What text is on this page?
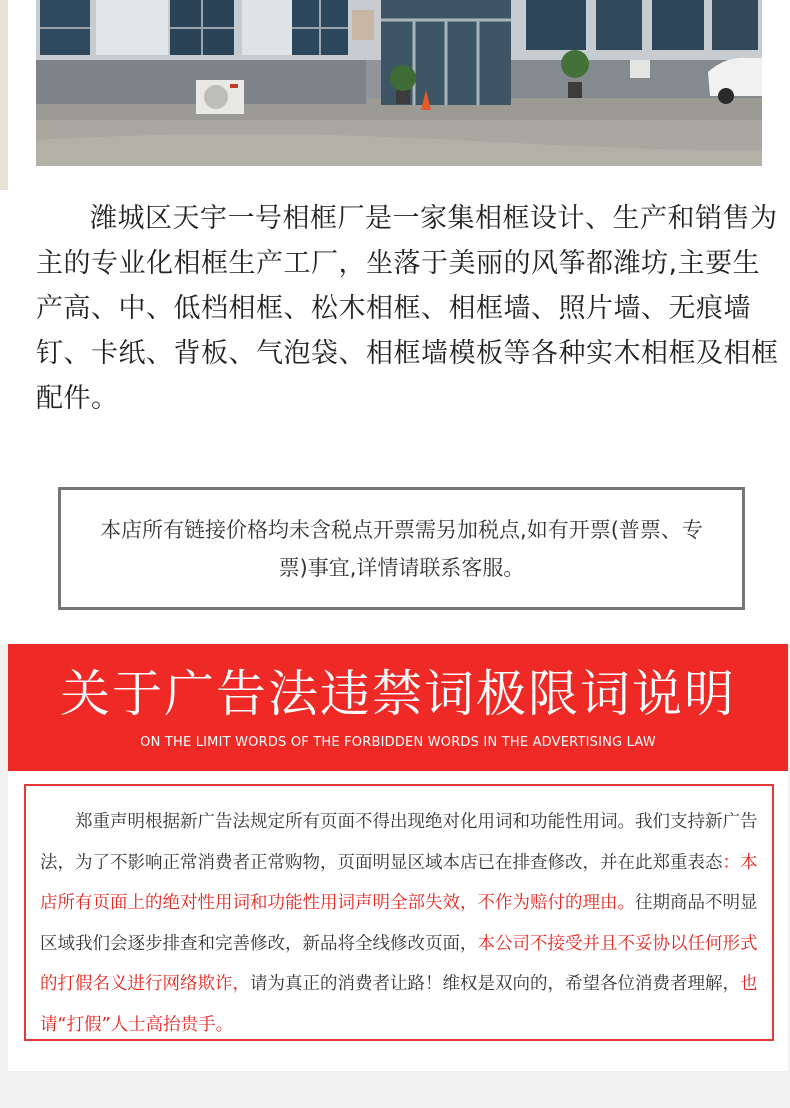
潍城区天宇一号相框厂是一家集相框设计、生产和销售为主的专业化相框生产工厂，坐落于美丽的风筝都潍坊,主要生产高、中、低档相框、松木相框、相框墙、照片墙、无痕墙钉、卡纸、背板、气泡袋、相框墙模板等各种实木相框及相框配件。

本店所有链接价格均未含税点开票需另加税点,如有开票(普票、专票)事宜,详情请联系客服。

关于广告法违禁词极限词说明
ON THE LIMIT WORDS OF THE FORBIDDEN WORDS IN THE ADVERTISING LAW

郑重声明根据新广告法规定所有页面不得出现绝对化用词和功能性用词。我们支持新广告法，为了不影响正常消费者正常购物，页面明显区域本店已在排查修改，并在此郑重表态：本店所有页面上的绝对性用词和功能性用词声明全部失效，不作为赔付的理由。往期商品不明显区域我们会逐步排查和完善修改，新品将全线修改页面，本公司不接受并且不妥协以任何形式的打假名义进行网络欺诈，请为真正的消费者让路！维权是双向的，希望各位消费者理解，也请“打假”人士高抬贵手。
